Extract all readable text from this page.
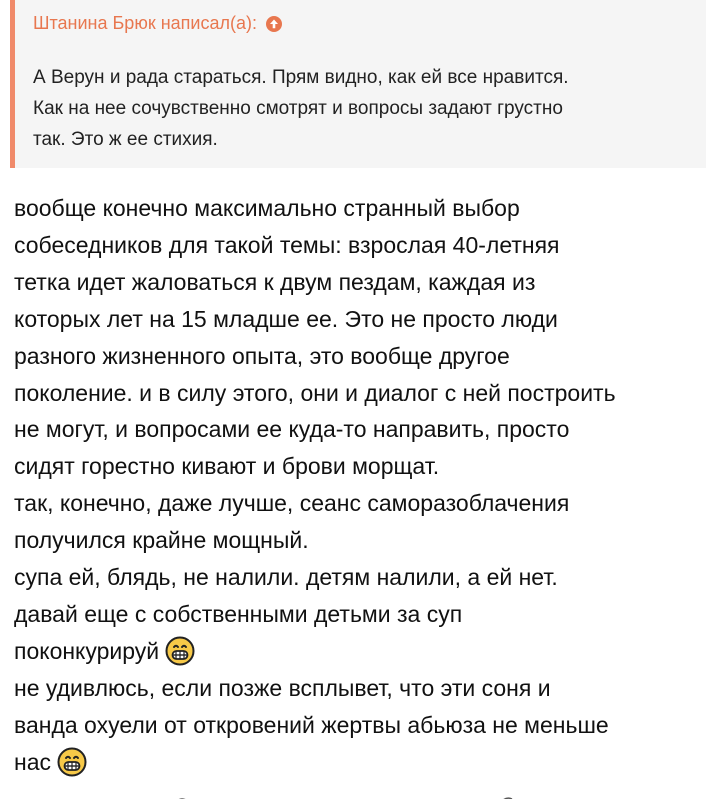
Штанина Брюк написал(а):
А Верун и рада стараться. Прям видно, как ей все нравится.
Как на нее сочувственно смотрят и вопросы задают грустно
так. Это ж ее стихия.
вообще конечно максимально странный выбор
собеседников для такой темы: взрослая 40-летняя
тетка идет жаловаться к двум пездам, каждая из
которых лет на 15 младше ее. Это не просто люди
разного жизненного опыта, это вообще другое
поколение. и в силу этого, они и диалог с ней построить
не могут, и вопросами ее куда-то направить, просто
сидят горестно кивают и брови морщат.
так, конечно, даже лучше, сеанс саморазоблачения
получился крайне мощный.
супа ей, блядь, не налили. детям налили, а ей нет.
давай еще с собственными детьми за суп
поконкурируй
не удивлюсь, если позже всплывет, что эти соня и
ванда охуели от откровений жертвы абьюза не меньше
нас
